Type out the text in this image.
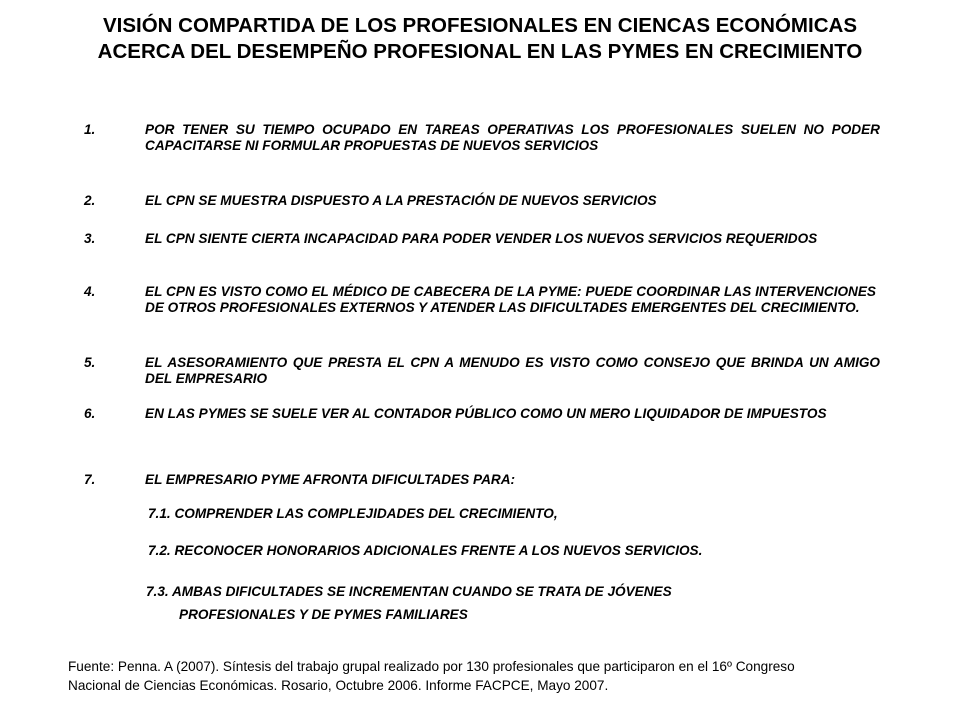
VISIÓN COMPARTIDA DE LOS PROFESIONALES EN CIENCAS ECONÓMICAS
ACERCA DEL DESEMPEÑO PROFESIONAL EN LAS PYMES EN CRECIMIENTO
1.	POR TENER SU TIEMPO OCUPADO EN TAREAS OPERATIVAS LOS PROFESIONALES SUELEN NO PODER CAPACITARSE NI FORMULAR PROPUESTAS DE NUEVOS SERVICIOS
2.	EL CPN SE MUESTRA DISPUESTO A LA PRESTACIÓN DE NUEVOS SERVICIOS
3.	EL CPN SIENTE CIERTA INCAPACIDAD PARA PODER VENDER LOS NUEVOS SERVICIOS REQUERIDOS
4.	EL CPN ES VISTO COMO EL MÉDICO DE CABECERA DE LA PYME: PUEDE COORDINAR LAS INTERVENCIONES DE OTROS PROFESIONALES EXTERNOS Y ATENDER LAS DIFICULTADES EMERGENTES DEL CRECIMIENTO.
5.	EL ASESORAMIENTO QUE PRESTA EL CPN A MENUDO ES VISTO COMO CONSEJO QUE BRINDA UN AMIGO DEL EMPRESARIO
6.	EN LAS PYMES SE SUELE VER AL CONTADOR PÚBLICO COMO UN MERO LIQUIDADOR DE IMPUESTOS
7.	EL EMPRESARIO PYME AFRONTA DIFICULTADES PARA:
7.1. COMPRENDER LAS COMPLEJIDADES DEL CRECIMIENTO,
7.2. RECONOCER HONORARIOS ADICIONALES FRENTE A LOS NUEVOS SERVICIOS.
7.3. AMBAS DIFICULTADES SE INCREMENTAN CUANDO SE TRATA DE JÓVENES
PROFESIONALES Y DE PYMES FAMILIARES
Fuente: Penna. A (2007). Síntesis del trabajo grupal realizado por 130 profesionales que participaron en el 16º Congreso
Nacional de Ciencias Económicas. Rosario, Octubre 2006. Informe FACPCE, Mayo 2007.
